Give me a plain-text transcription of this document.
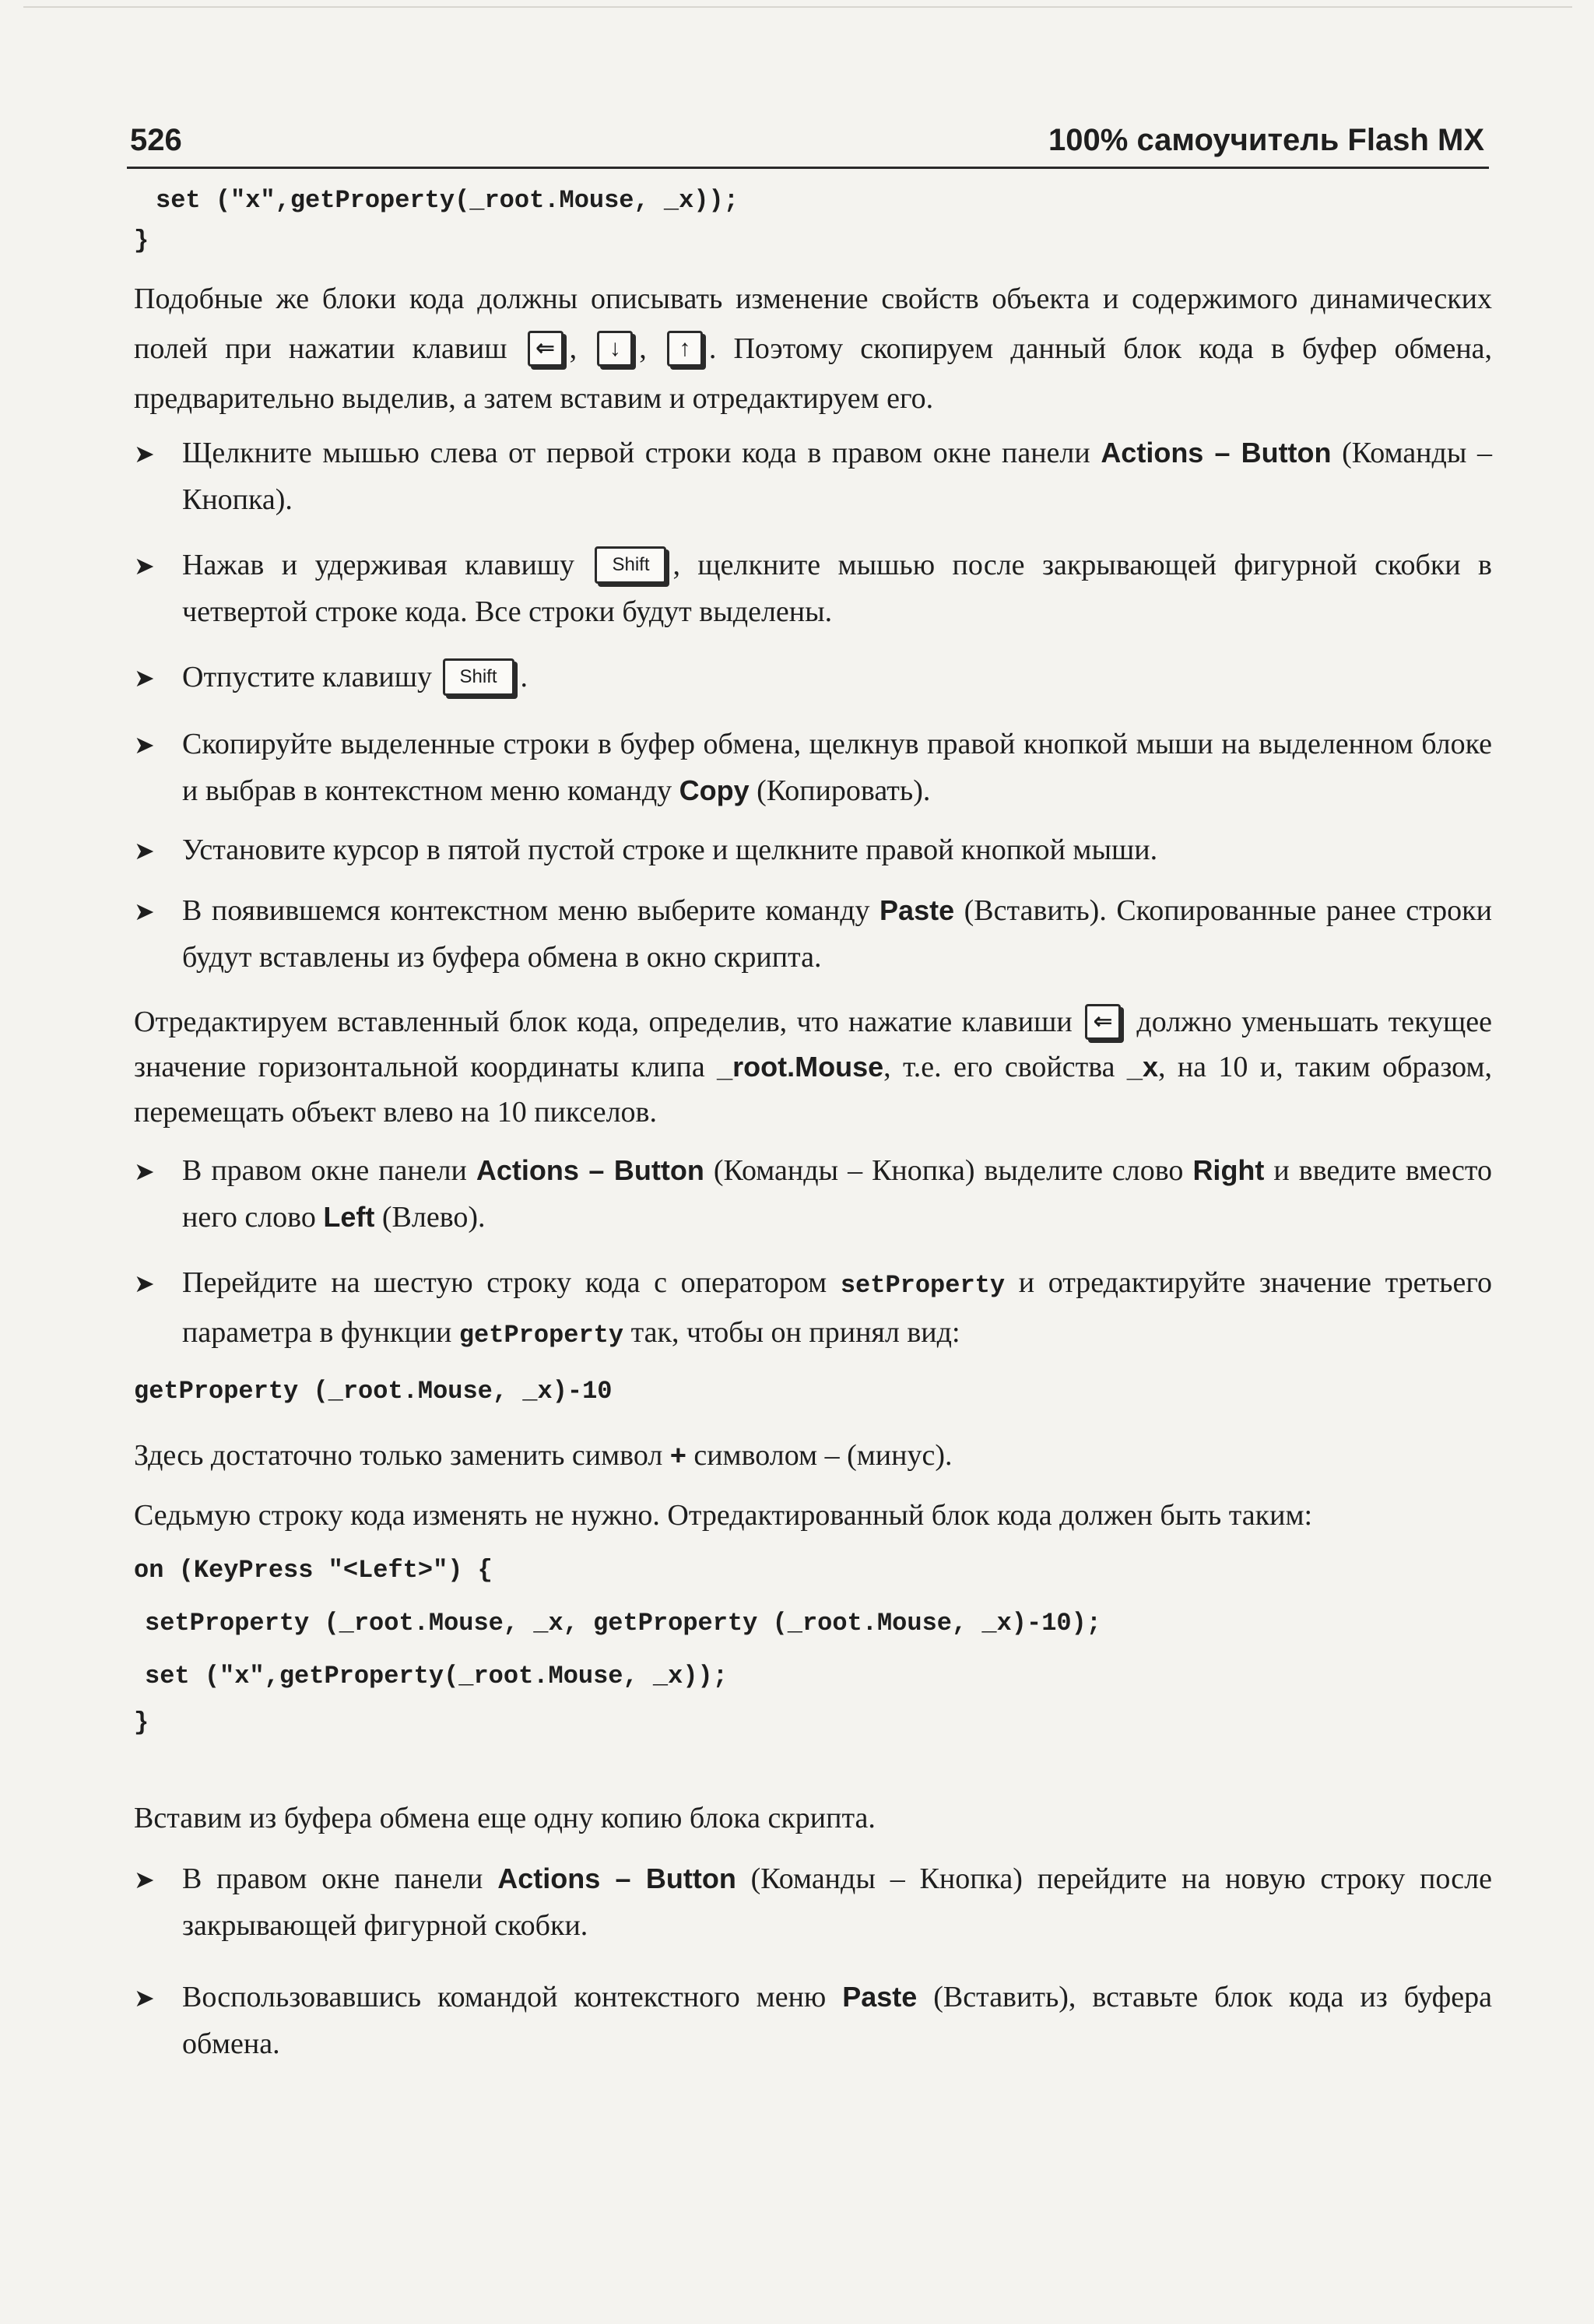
526	100% самоучитель Flash MX
set ("x",getProperty(_root.Mouse, _x));
}

Подобные же блоки кода должны описывать изменение свойств объекта и содержимого динамических полей при нажатии клавиш ⇐ , ↓ , ↑ . Поэтому скопируем данный блок кода в буфер обмена, предварительно выделив, а затем вставим и отредактируем его.

➤ Щелкните мышью слева от первой строки кода в правом окне панели Actions – Button (Команды – Кнопка).
➤ Нажав и удерживая клавишу Shift , щелкните мышью после закрывающей фигурной скобки в четвертой строке кода. Все строки будут выделены.
➤ Отпустите клавишу Shift .
➤ Скопируйте выделенные строки в буфер обмена, щелкнув правой кнопкой мыши на выделенном блоке и выбрав в контекстном меню команду Copy (Копировать).
➤ Установите курсор в пятой пустой строке и щелкните правой кнопкой мыши.
➤ В появившемся контекстном меню выберите команду Paste (Вставить). Скопированные ранее строки будут вставлены из буфера обмена в окно скрипта.

Отредактируем вставленный блок кода, определив, что нажатие клавиши ⇐ должно уменьшать текущее значение горизонтальной координаты клипа _root.Mouse, т.е. его свойства _x, на 10 и, таким образом, перемещать объект влево на 10 пикселов.

➤ В правом окне панели Actions – Button (Команды – Кнопка) выделите слово Right и введите вместо него слово Left (Влево).
➤ Перейдите на шестую строку кода с оператором setProperty и отредактируйте значение третьего параметра в функции getProperty так, чтобы он принял вид:
getProperty (_root.Mouse, _x)-10

Здесь достаточно только заменить символ + символом – (минус).

Седьмую строку кода изменять не нужно. Отредактированный блок кода должен быть таким:

on (KeyPress "<Left>") {
setProperty (_root.Mouse, _x, getProperty (_root.Mouse, _x)-10);
set ("x",getProperty(_root.Mouse, _x));
}

Вставим из буфера обмена еще одну копию блока скрипта.

➤ В правом окне панели Actions – Button (Команды – Кнопка) перейдите на новую строку после закрывающей фигурной скобки.
➤ Воспользовавшись командой контекстного меню Paste (Вставить), вставьте блок кода из буфера обмена.
